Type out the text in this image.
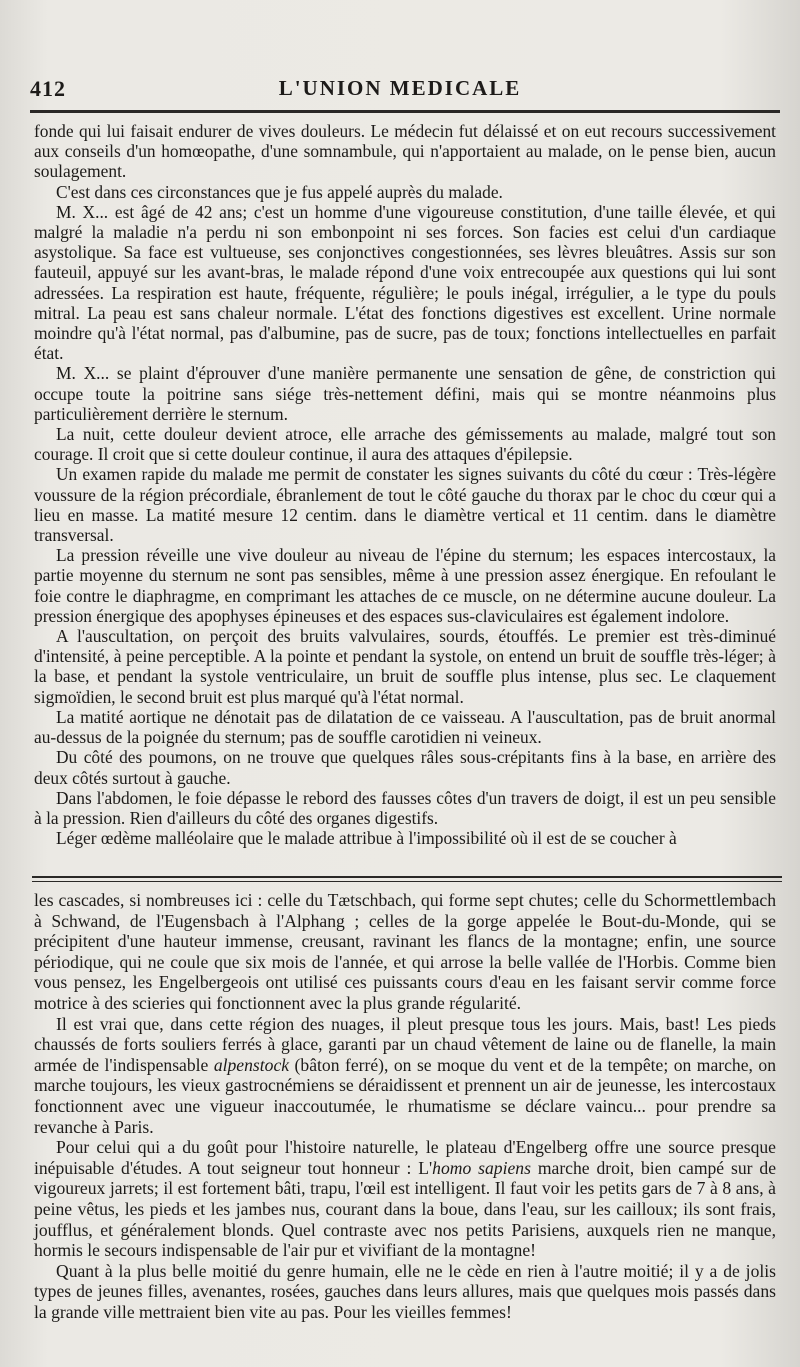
412	L'UNION MEDICALE

fonde qui lui faisait endurer de vives douleurs. Le médecin fut délaissé et on eut recours successivement aux conseils d'un homœopathe, d'une somnambule, qui n'apportaient au malade, on le pense bien, aucun soulagement.

C'est dans ces circonstances que je fus appelé auprès du malade.

M. X... est âgé de 42 ans; c'est un homme d'une vigoureuse constitution, d'une taille élevée, et qui malgré la maladie n'a perdu ni son embonpoint ni ses forces. Son facies est celui d'un cardiaque asystolique. Sa face est vultueuse, ses conjonctives congestionnées, ses lèvres bleuâtres. Assis sur son fauteuil, appuyé sur les avant-bras, le malade répond d'une voix entrecoupée aux questions qui lui sont adressées. La respiration est haute, fréquente, régulière; le pouls inégal, irrégulier, a le type du pouls mitral. La peau est sans chaleur normale. L'état des fonctions digestives est excellent. Urine normale moindre qu'à l'état normal, pas d'albumine, pas de sucre, pas de toux; fonctions intellectuelles en parfait état.

M. X... se plaint d'éprouver d'une manière permanente une sensation de gêne, de constriction qui occupe toute la poitrine sans siége très-nettement défini, mais qui se montre néanmoins plus particulièrement derrière le sternum.

La nuit, cette douleur devient atroce, elle arrache des gémissements au malade, malgré tout son courage. Il croit que si cette douleur continue, il aura des attaques d'épilepsie.

Un examen rapide du malade me permit de constater les signes suivants du côté du cœur : Très-légère voussure de la région précordiale, ébranlement de tout le côté gauche du thorax par le choc du cœur qui a lieu en masse. La matité mesure 12 centim. dans le diamètre vertical et 11 centim. dans le diamètre transversal.

La pression réveille une vive douleur au niveau de l'épine du sternum; les espaces intercostaux, la partie moyenne du sternum ne sont pas sensibles, même à une pression assez énergique. En refoulant le foie contre le diaphragme, en comprimant les attaches de ce muscle, on ne détermine aucune douleur. La pression énergique des apophyses épineuses et des espaces sus-claviculaires est également indolore.

A l'auscultation, on perçoit des bruits valvulaires, sourds, étouffés. Le premier est très-diminué d'intensité, à peine perceptible. A la pointe et pendant la systole, on entend un bruit de souffle très-léger; à la base, et pendant la systole ventriculaire, un bruit de souffle plus intense, plus sec. Le claquement sigmoïdien, le second bruit est plus marqué qu'à l'état normal.

La matité aortique ne dénotait pas de dilatation de ce vaisseau. A l'auscultation, pas de bruit anormal au-dessus de la poignée du sternum; pas de souffle carotidien ni veineux.

Du côté des poumons, on ne trouve que quelques râles sous-crépitants fins à la base, en arrière des deux côtés surtout à gauche.

Dans l'abdomen, le foie dépasse le rebord des fausses côtes d'un travers de doigt, il est un peu sensible à la pression. Rien d'ailleurs du côté des organes digestifs.

Léger œdème malléolaire que le malade attribue à l'impossibilité où il est de se coucher à

les cascades, si nombreuses ici : celle du Tætschbach, qui forme sept chutes; celle du Schormettlembach à Schwand, de l'Eugensbach à l'Alphang ; celles de la gorge appelée le Bout-du-Monde, qui se précipitent d'une hauteur immense, creusant, ravinant les flancs de la montagne; enfin, une source périodique, qui ne coule que six mois de l'année, et qui arrose la belle vallée de l'Horbis. Comme bien vous pensez, les Engelbergeois ont utilisé ces puissants cours d'eau en les faisant servir comme force motrice à des scieries qui fonctionnent avec la plus grande régularité.

Il est vrai que, dans cette région des nuages, il pleut presque tous les jours. Mais, bast! Les pieds chaussés de forts souliers ferrés à glace, garanti par un chaud vêtement de laine ou de flanelle, la main armée de l'indispensable alpenstock (bâton ferré), on se moque du vent et de la tempête; on marche, on marche toujours, les vieux gastrocnémiens se déraidissent et prennent un air de jeunesse, les intercostaux fonctionnent avec une vigueur inaccoutumée, le rhumatisme se déclare vaincu... pour prendre sa revanche à Paris.

Pour celui qui a du goût pour l'histoire naturelle, le plateau d'Engelberg offre une source presque inépuisable d'études. A tout seigneur tout honneur : L'homo sapiens marche droit, bien campé sur de vigoureux jarrets; il est fortement bâti, trapu, l'œil est intelligent. Il faut voir les petits gars de 7 à 8 ans, à peine vêtus, les pieds et les jambes nus, courant dans la boue, dans l'eau, sur les cailloux; ils sont frais, joufflus, et généralement blonds. Quel contraste avec nos petits Parisiens, auxquels rien ne manque, hormis le secours indispensable de l'air pur et vivifiant de la montagne!

Quant à la plus belle moitié du genre humain, elle ne le cède en rien à l'autre moitié; il y a de jolis types de jeunes filles, avenantes, rosées, gauches dans leurs allures, mais que quelques mois passés dans la grande ville mettraient bien vite au pas. Pour les vieilles femmes!
